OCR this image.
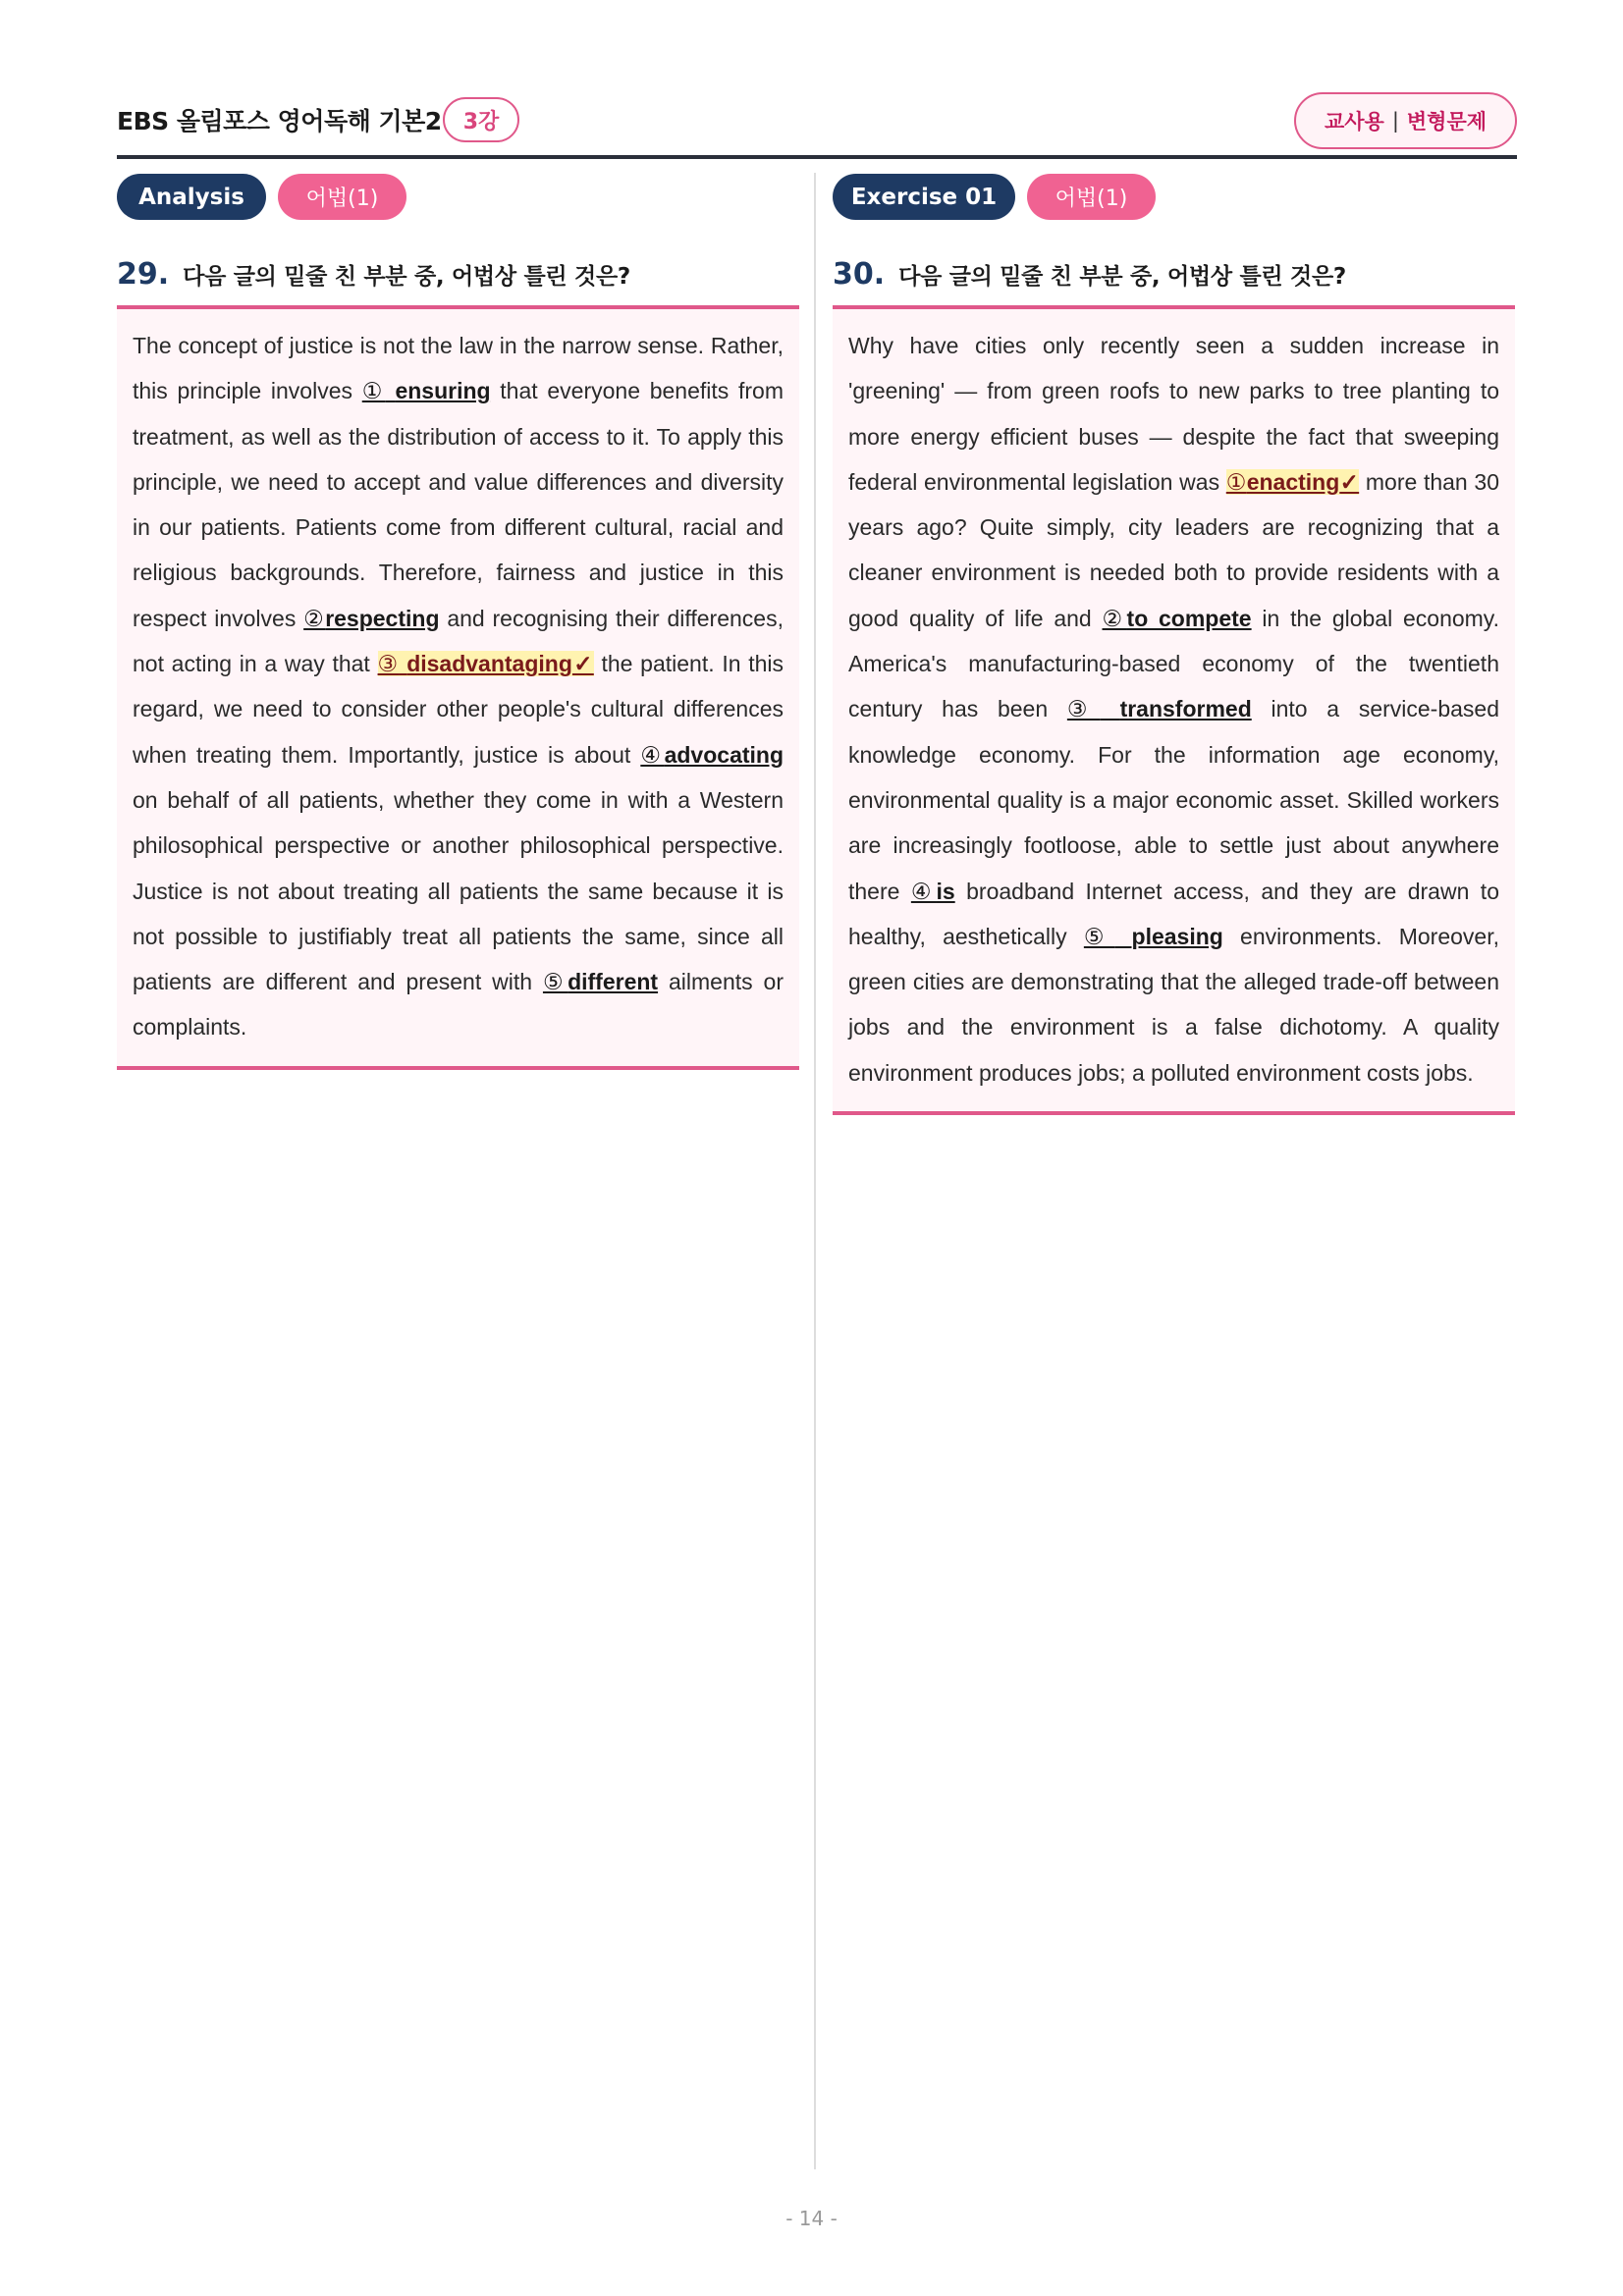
EBS 올림포스 영어독해 기본2	3강	교사용 | 변형문제
Analysis	어법(1)
29. 다음 글의 밑줄 친 부분 중, 어법상 틀린 것은?

The concept of justice is not the law in the narrow sense. Rather, this principle involves ① ensuring that everyone benefits from treatment, as well as the distribution of access to it. To apply this principle, we need to accept and value differences and diversity in our patients. Patients come from different cultural, racial and religious backgrounds. Therefore, fairness and justice in this respect involves ②respecting and recognising their differences, not acting in a way that ③ disadvantaging✓ the patient. In this regard, we need to consider other people's cultural differences when treating them. Importantly, justice is about ④advocating on behalf of all patients, whether they come in with a Western philosophical perspective or another philosophical perspective. Justice is not about treating all patients the same because it is not possible to justifiably treat all patients the same, since all patients are different and present with ⑤different ailments or complaints.

Exercise 01	어법(1)
30. 다음 글의 밑줄 친 부분 중, 어법상 틀린 것은?

Why have cities only recently seen a sudden increase in 'greening' — from green roofs to new parks to tree planting to more energy efficient buses — despite the fact that sweeping federal environmental legislation was ①enacting✓ more than 30 years ago? Quite simply, city leaders are recognizing that a cleaner environment is needed both to provide residents with a good quality of life and ②to compete in the global economy. America's manufacturing-based economy of the twentieth century has been ③ transformed into a service-based knowledge economy. For the information age economy, environmental quality is a major economic asset. Skilled workers are increasingly footloose, able to settle just about anywhere there ④is broadband Internet access, and they are drawn to healthy, aesthetically ⑤ pleasing environments. Moreover, green cities are demonstrating that the alleged trade-off between jobs and the environment is a false dichotomy. A quality environment produces jobs; a polluted environment costs jobs.

- 14 -
